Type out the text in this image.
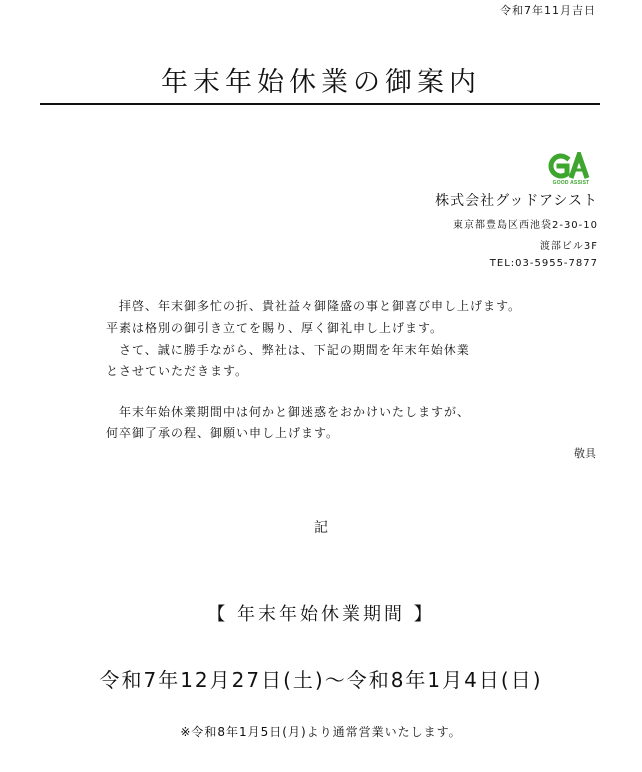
令和7年11月吉日
年末年始休業の御案内
GOOD ASSIST
株式会社グッドアシスト
東京都豊島区西池袋2-30-10
渡部ビル3F
TEL:03-5955-7877
　拝啓、年末御多忙の折、貴社益々御隆盛の事と御喜び申し上げます。
平素は格別の御引き立てを賜り、厚く御礼申し上げます。
　さて、誠に勝手ながら、弊社は、下記の期間を年末年始休業
とさせていただきます。
　年末年始休業期間中は何かと御迷惑をおかけいたしますが、
何卒御了承の程、御願い申し上げます。
敬具
記
【 年末年始休業期間 】
令和7年12月27日(土)～令和8年1月4日(日)
※令和8年1月5日(月)より通常営業いたします。
